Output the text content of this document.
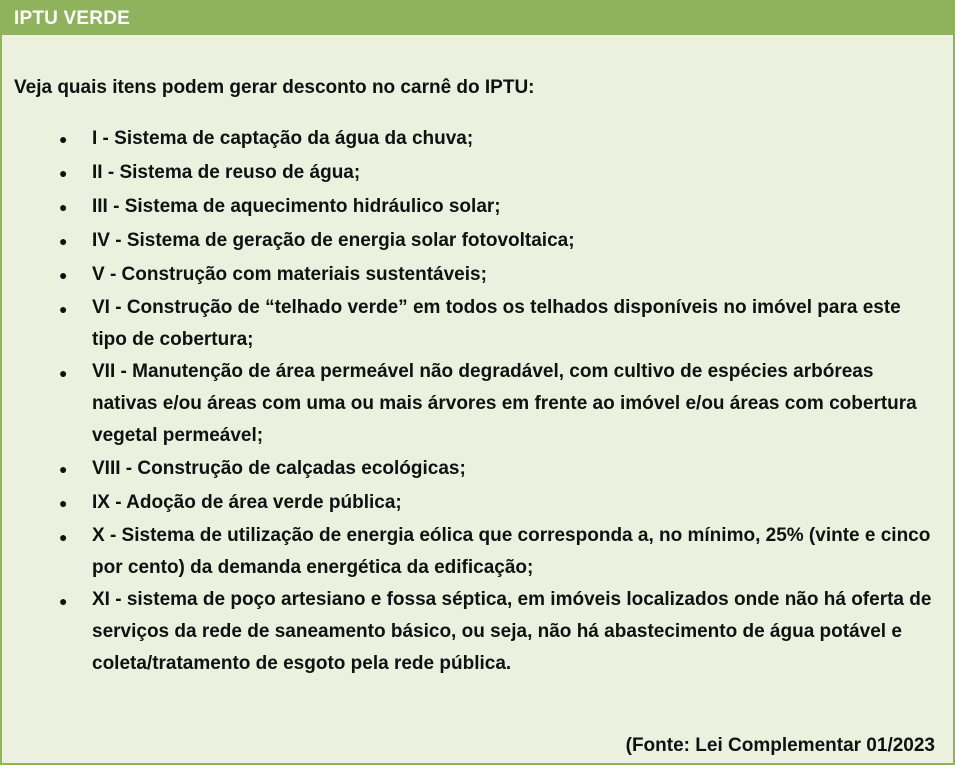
IPTU VERDE
Veja quais itens podem gerar desconto no carnê do IPTU:
● I - Sistema de captação da água da chuva;
● II - Sistema de reuso de água;
● III - Sistema de aquecimento hidráulico solar;
● IV - Sistema de geração de energia solar fotovoltaica;
● V - Construção com materiais sustentáveis;
● VI - Construção de “telhado verde” em todos os telhados disponíveis no imóvel para este tipo de cobertura;
● VII - Manutenção de área permeável não degradável, com cultivo de espécies arbóreas nativas e/ou áreas com uma ou mais árvores em frente ao imóvel e/ou áreas com cobertura vegetal permeável;
● VIII - Construção de calçadas ecológicas;
● IX - Adoção de área verde pública;
● X - Sistema de utilização de energia eólica que corresponda a, no mínimo, 25% (vinte e cinco por cento) da demanda energética da edificação;
● XI - sistema de poço artesiano e fossa séptica, em imóveis localizados onde não há oferta de serviços da rede de saneamento básico, ou seja, não há abastecimento de água potável e coleta/tratamento de esgoto pela rede pública.
(Fonte: Lei Complementar 01/2023
